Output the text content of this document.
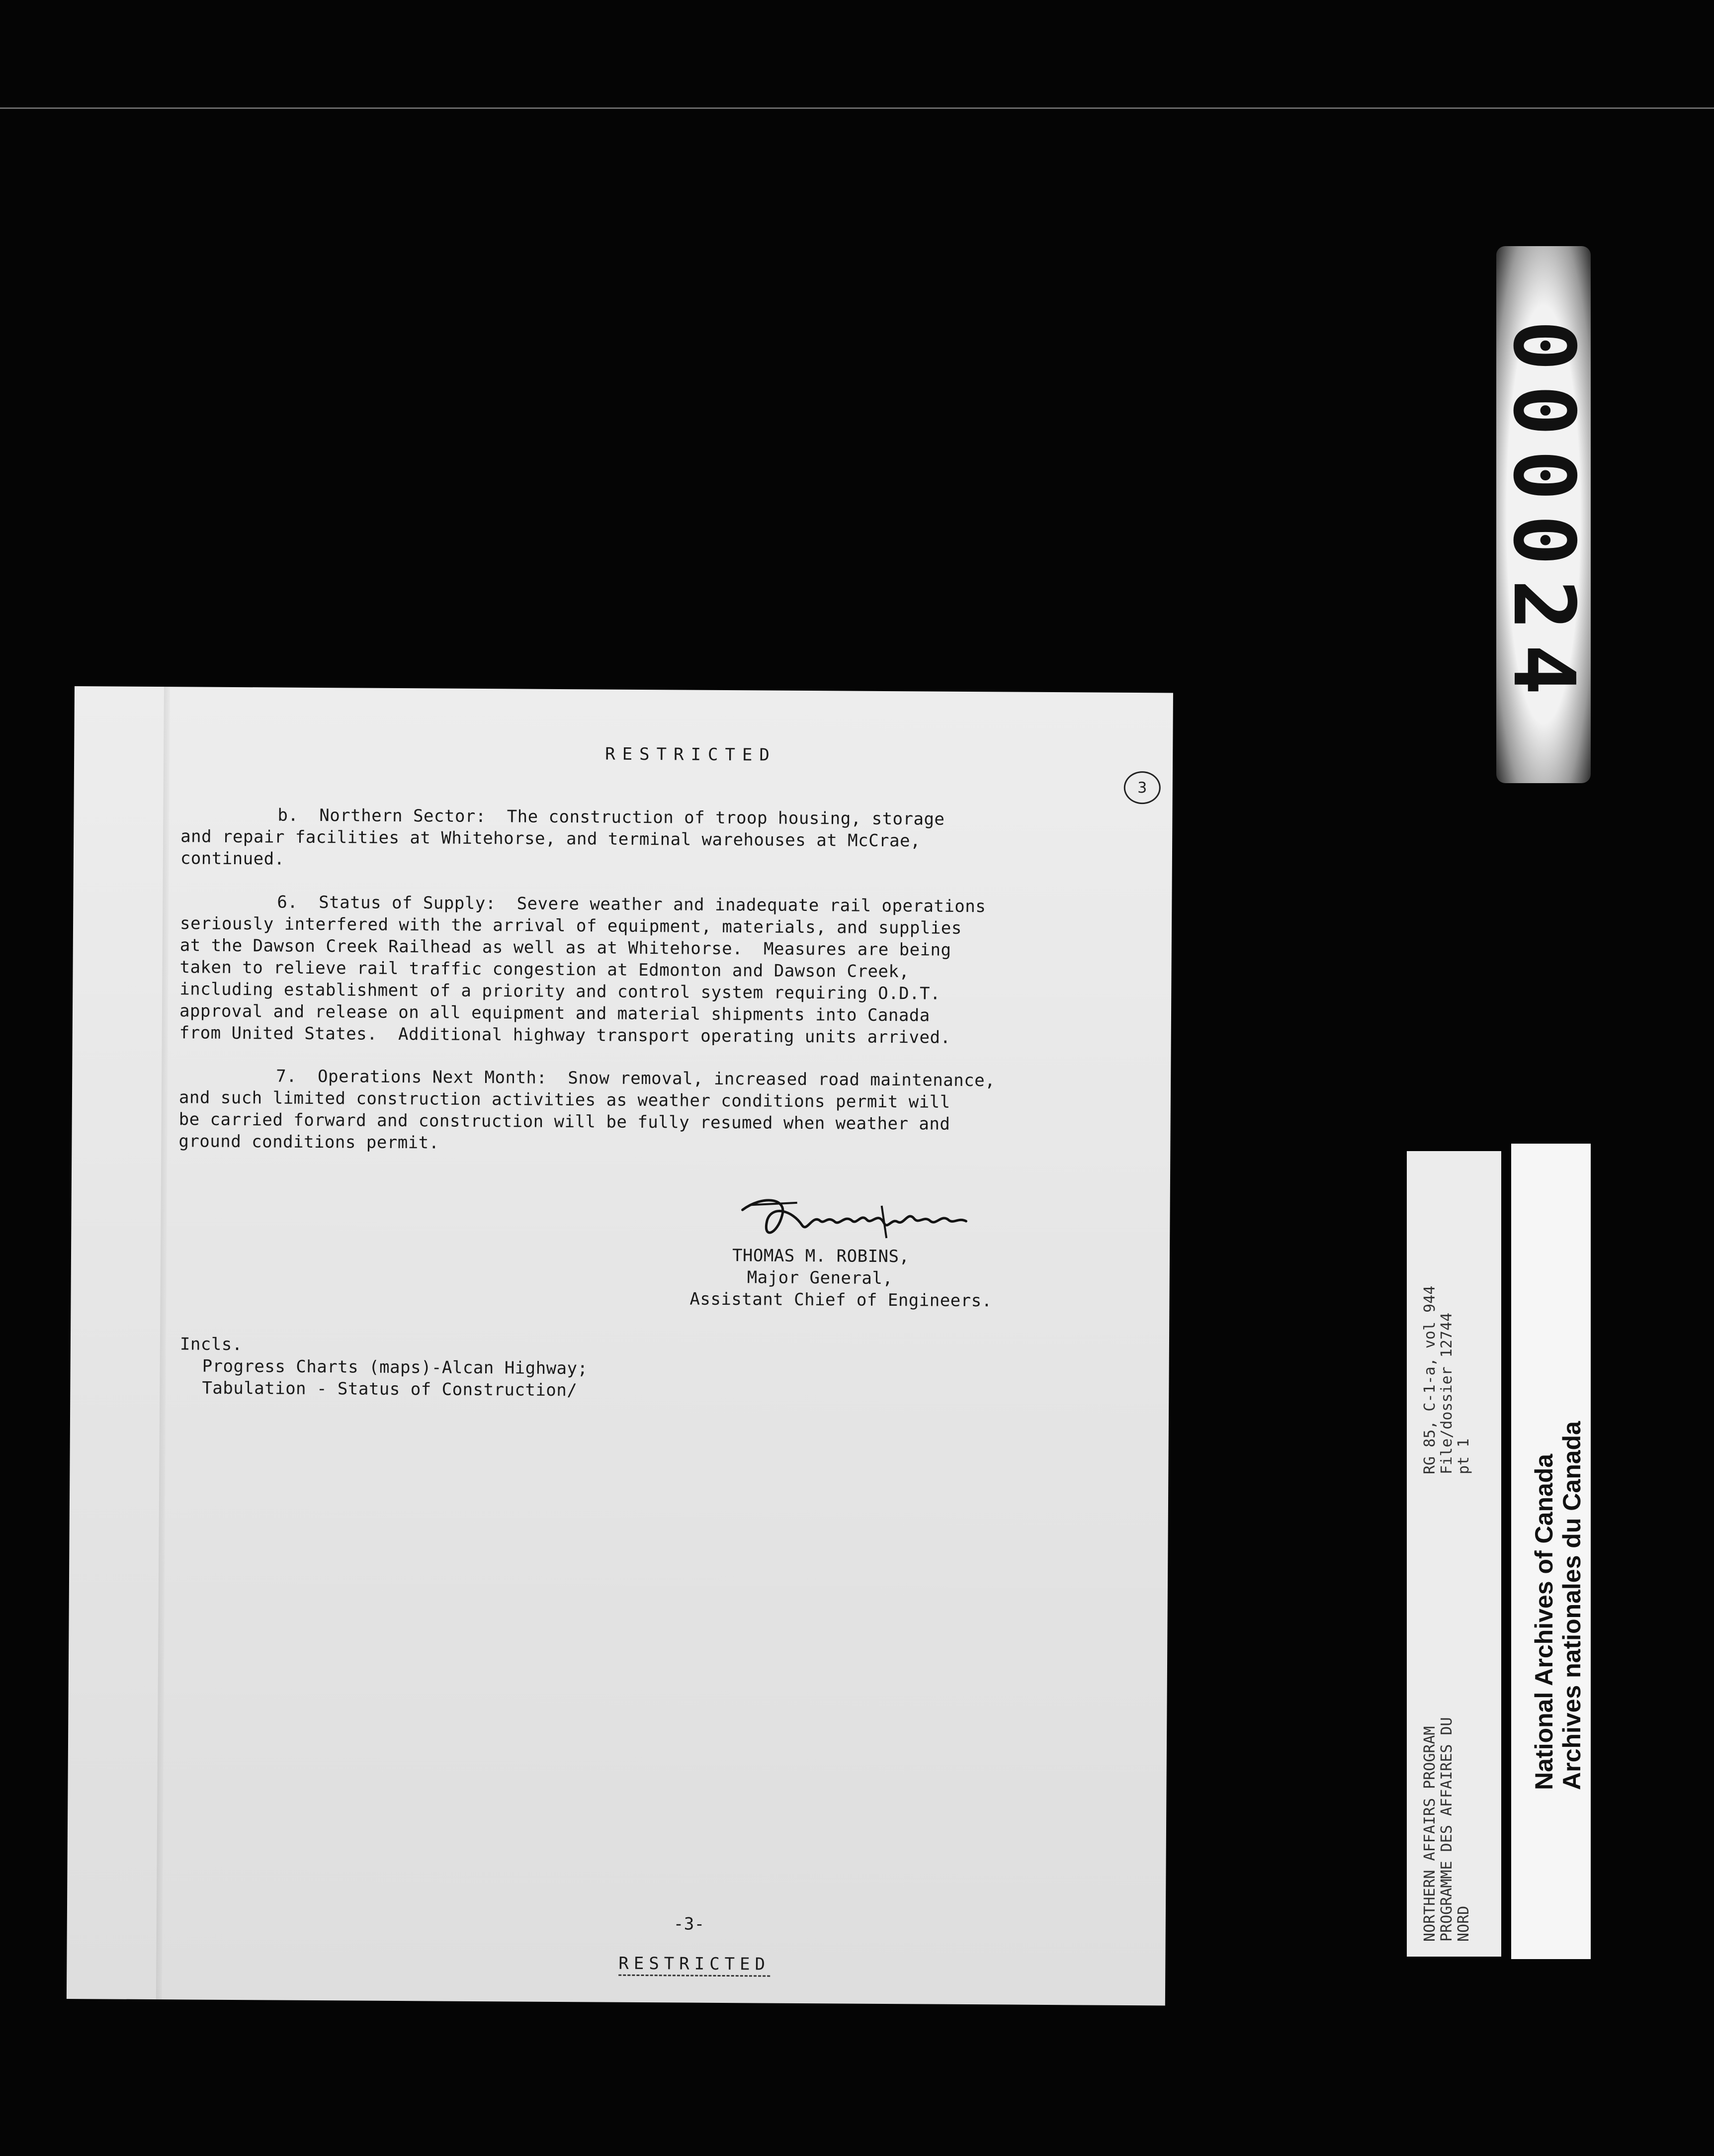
RESTRICTED
3
b.  Northern Sector:  The construction of troop housing, storage
and repair facilities at Whitehorse, and terminal warehouses at McCrae,
continued.
6.  Status of Supply:  Severe weather and inadequate rail operations
seriously interfered with the arrival of equipment, materials, and supplies
at the Dawson Creek Railhead as well as at Whitehorse.  Measures are being
taken to relieve rail traffic congestion at Edmonton and Dawson Creek,
including establishment of a priority and control system requiring O.D.T.
approval and release on all equipment and material shipments into Canada
from United States.  Additional highway transport operating units arrived.
7.  Operations Next Month:  Snow removal, increased road maintenance,
and such limited construction activities as weather conditions permit will
be carried forward and construction will be fully resumed when weather and
ground conditions permit.
THOMAS M. ROBINS,
Major General,
Assistant Chief of Engineers.
Incls.
Progress Charts (maps)-Alcan Highway;
Tabulation - Status of Construction/
-3-
RESTRICTED
000024
NORTHERN AFFAIRS PROGRAM
PROGRAMME DES AFFAIRES DU
NORD
RG 85, C-1-a, vol 944
File/dossier 12744
pt 1
National Archives of Canada
Archives nationales du Canada
